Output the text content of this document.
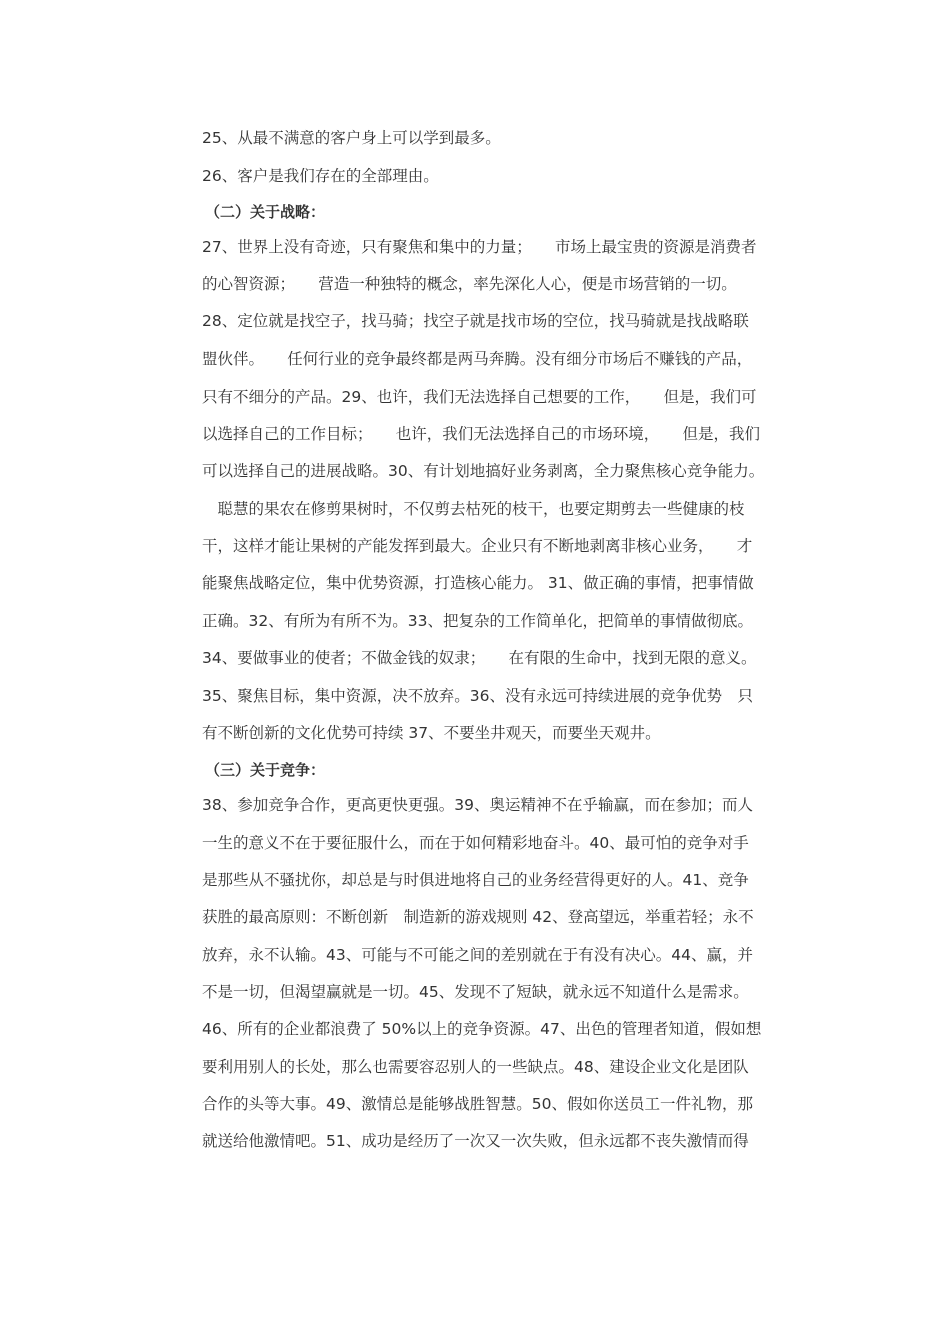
25、从最不满意的客户身上可以学到最多。
26、客户是我们存在的全部理由。
（二）关于战略：
27、世界上没有奇迹，只有聚焦和集中的力量；　　市场上最宝贵的资源是消费者
的心智资源；　　营造一种独特的概念，率先深化人心，便是市场营销的一切。
28、定位就是找空子，找马骑；找空子就是找市场的空位，找马骑就是找战略联
盟伙伴。　　任何行业的竞争最终都是两马奔腾。没有细分市场后不赚钱的产品，
只有不细分的产品。29、也许，我们无法选择自己想要的工作，　　但是，我们可
以选择自己的工作目标；　　也许，我们无法选择自己的市场环境，　　但是，我们
可以选择自己的进展战略。30、有计划地搞好业务剥离，全力聚焦核心竞争能力。
　聪慧的果农在修剪果树时，不仅剪去枯死的枝干，也要定期剪去一些健康的枝
干，这样才能让果树的产能发挥到最大。企业只有不断地剥离非核心业务，　　才
能聚焦战略定位，集中优势资源，打造核心能力。 31、做正确的事情，把事情做
正确。32、有所为有所不为。33、把复杂的工作简单化，把简单的事情做彻底。
34、要做事业的使者；不做金钱的奴隶；　　在有限的生命中，找到无限的意义。
35、聚焦目标，集中资源，决不放弃。36、没有永远可持续进展的竞争优势　只
有不断创新的文化优势可持续 37、不要坐井观天，而要坐天观井。
（三）关于竞争：
38、参加竞争合作，更高更快更强。39、奥运精神不在乎输赢，而在参加；而人
一生的意义不在于要征服什么，而在于如何精彩地奋斗。40、最可怕的竞争对手
是那些从不骚扰你，却总是与时俱进地将自己的业务经营得更好的人。41、竞争
获胜的最高原则：不断创新　制造新的游戏规则 42、登高望远，举重若轻；永不
放弃，永不认输。43、可能与不可能之间的差别就在于有没有决心。44、赢，并
不是一切，但渴望赢就是一切。45、发现不了短缺，就永远不知道什么是需求。
46、所有的企业都浪费了 50%以上的竞争资源。47、出色的管理者知道，假如想
要利用别人的长处，那么也需要容忍别人的一些缺点。48、建设企业文化是团队
合作的头等大事。49、激情总是能够战胜智慧。50、假如你送员工一件礼物，那
就送给他激情吧。51、成功是经历了一次又一次失败，但永远都不丧失激情而得
